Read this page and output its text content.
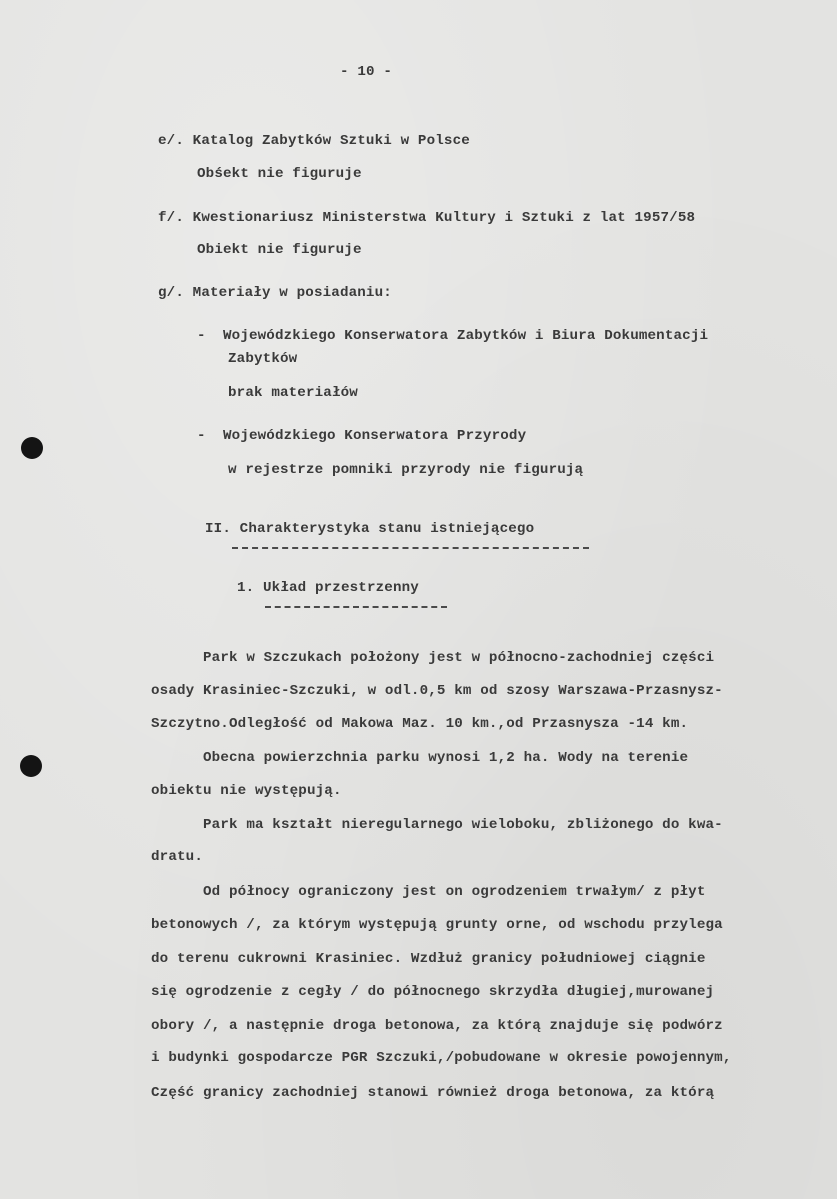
- 10 -
e/. Katalog Zabytków Sztuki w Polsce
Obśekt nie figuruje
f/. Kwestionariusz Ministerstwa Kultury i Sztuki z lat 1957/58
Obiekt nie figuruje
g/. Materiały w posiadaniu:
-  Wojewódzkiego Konserwatora Zabytków i Biura Dokumentacji
Zabytków
brak materiałów
-  Wojewódzkiego Konserwatora Przyrody
w rejestrze pomniki przyrody nie figurują
II. Charakterystyka stanu istniejącego
1. Układ przestrzenny
Park w Szczukach położony jest w północno-zachodniej części
osady Krasiniec-Szczuki, w odl.0,5 km od szosy Warszawa-Przasnysz-
Szczytno.Odległość od Makowa Maz. 10 km.,od Przasnysza -14 km.
Obecna powierzchnia parku wynosi 1,2 ha. Wody na terenie
obiektu nie występują.
Park ma kształt nieregularnego wieloboku, zbliżonego do kwa-
dratu.
Od północy ograniczony jest on ogrodzeniem trwałym/ z płyt
betonowych /, za którym występują grunty orne, od wschodu przylega
do terenu cukrowni Krasiniec. Wzdłuż granicy południowej ciągnie
się ogrodzenie z cegły / do północnego skrzydła długiej,murowanej
obory /, a następnie droga betonowa, za którą znajduje się podwórz
i budynki gospodarcze PGR Szczuki,/pobudowane w okresie powojennym,
Część granicy zachodniej stanowi również droga betonowa, za którą
